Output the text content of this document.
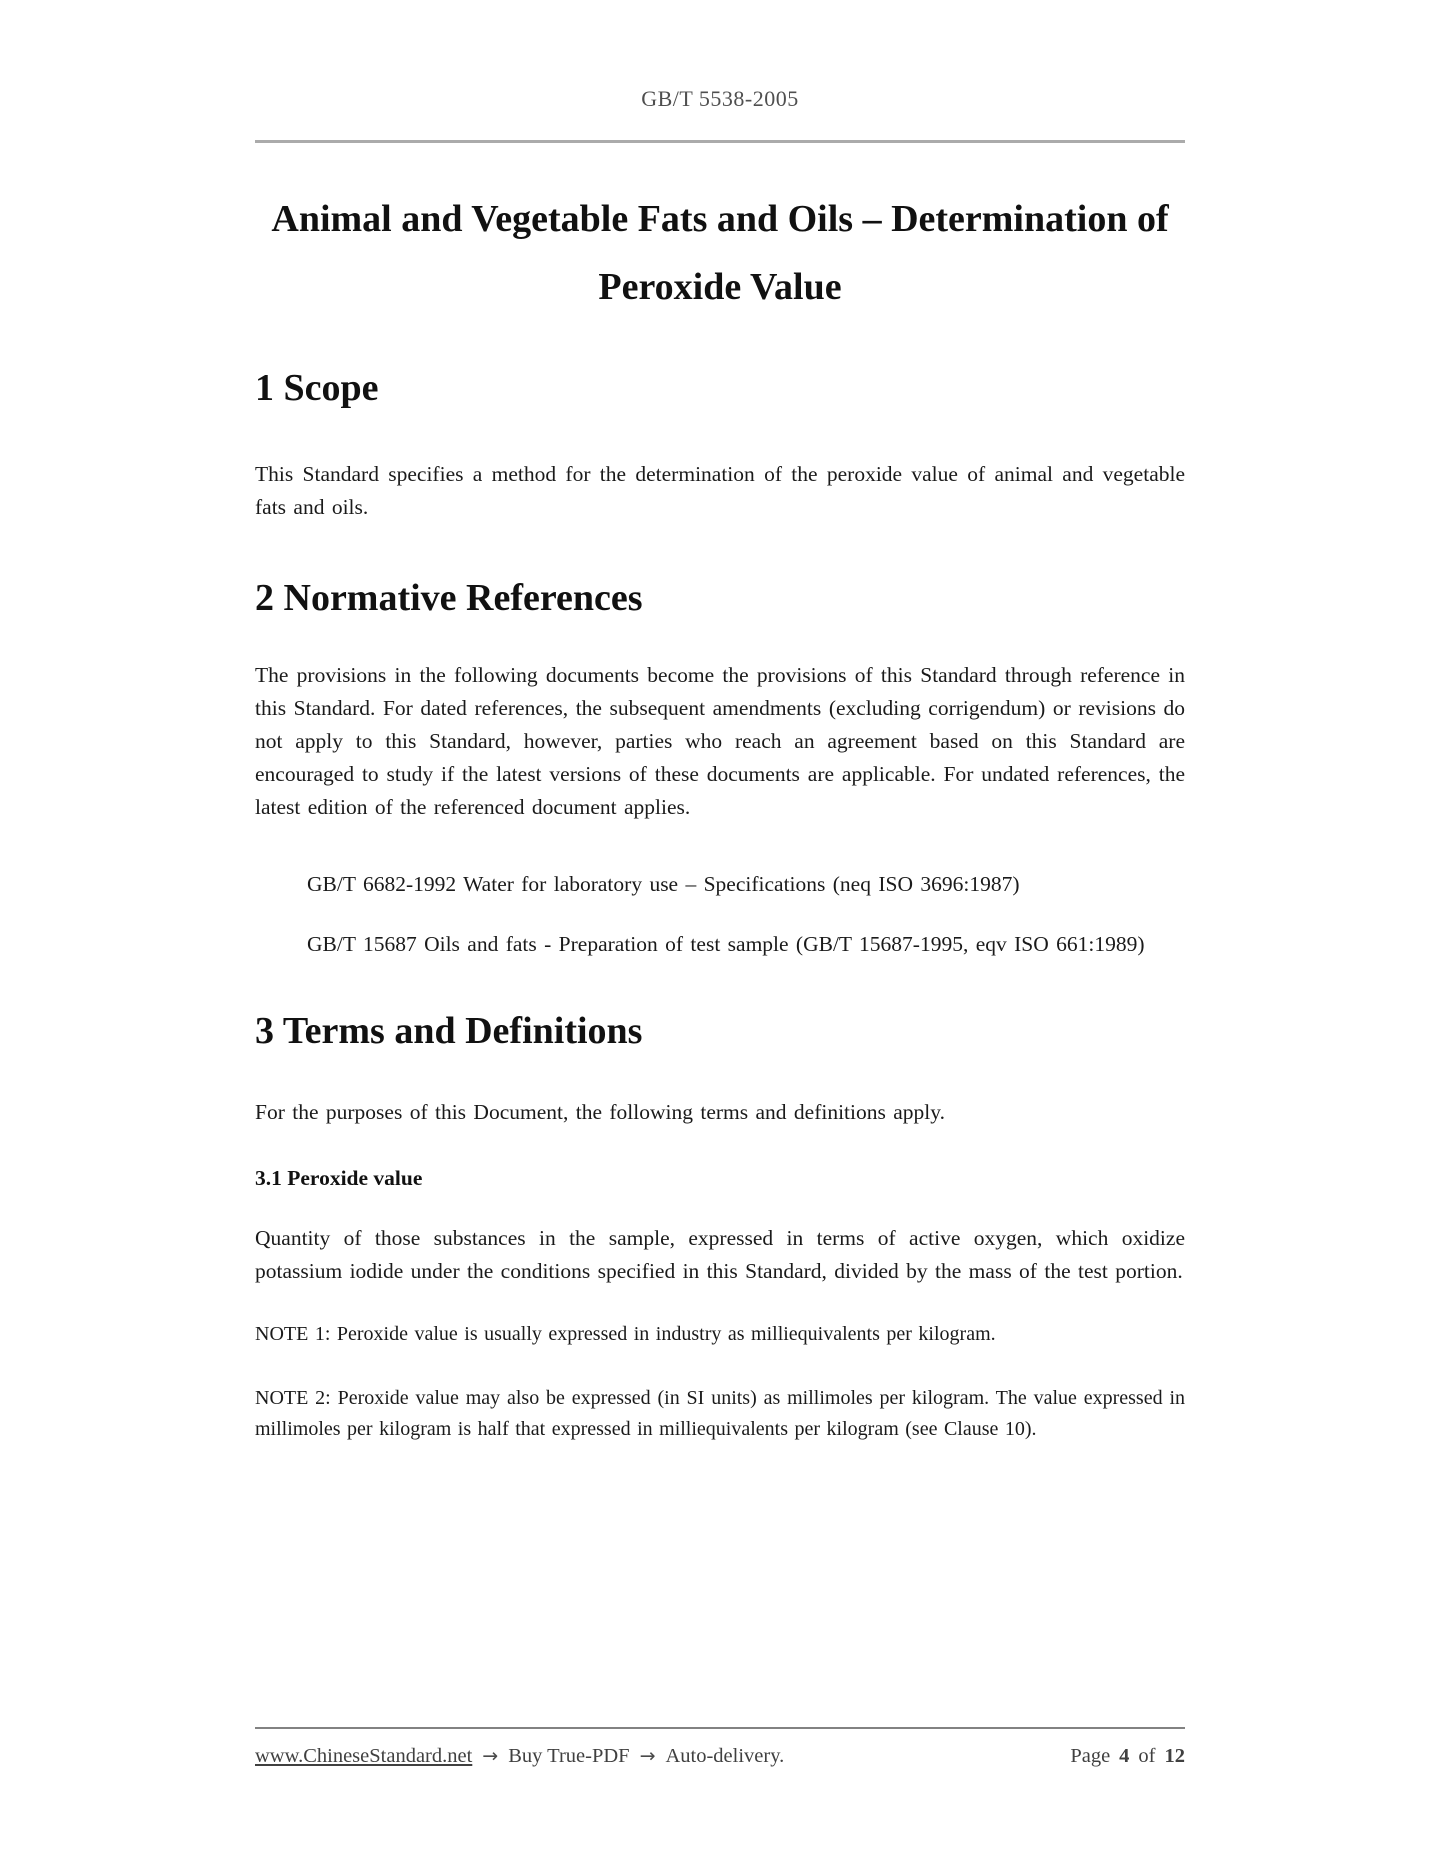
GB/T 5538-2005
Animal and Vegetable Fats and Oils – Determination of
Peroxide Value
1 Scope

This Standard specifies a method for the determination of the peroxide value of animal and vegetable fats and oils.

2 Normative References

The provisions in the following documents become the provisions of this Standard through reference in this Standard. For dated references, the subsequent amendments (excluding corrigendum) or revisions do not apply to this Standard, however, parties who reach an agreement based on this Standard are encouraged to study if the latest versions of these documents are applicable. For undated references, the latest edition of the referenced document applies.

GB/T 6682-1992 Water for laboratory use – Specifications (neq ISO 3696:1987)

GB/T 15687 Oils and fats - Preparation of test sample (GB/T 15687-1995, eqv ISO 661:1989)

3 Terms and Definitions

For the purposes of this Document, the following terms and definitions apply.

3.1 Peroxide value

Quantity of those substances in the sample, expressed in terms of active oxygen, which oxidize potassium iodide under the conditions specified in this Standard, divided by the mass of the test portion.

NOTE 1: Peroxide value is usually expressed in industry as milliequivalents per kilogram.

NOTE 2: Peroxide value may also be expressed (in SI units) as millimoles per kilogram. The value expressed in millimoles per kilogram is half that expressed in milliequivalents per kilogram (see Clause 10).

www.ChineseStandard.net → Buy True-PDF → Auto-delivery.	Page 4 of 12
